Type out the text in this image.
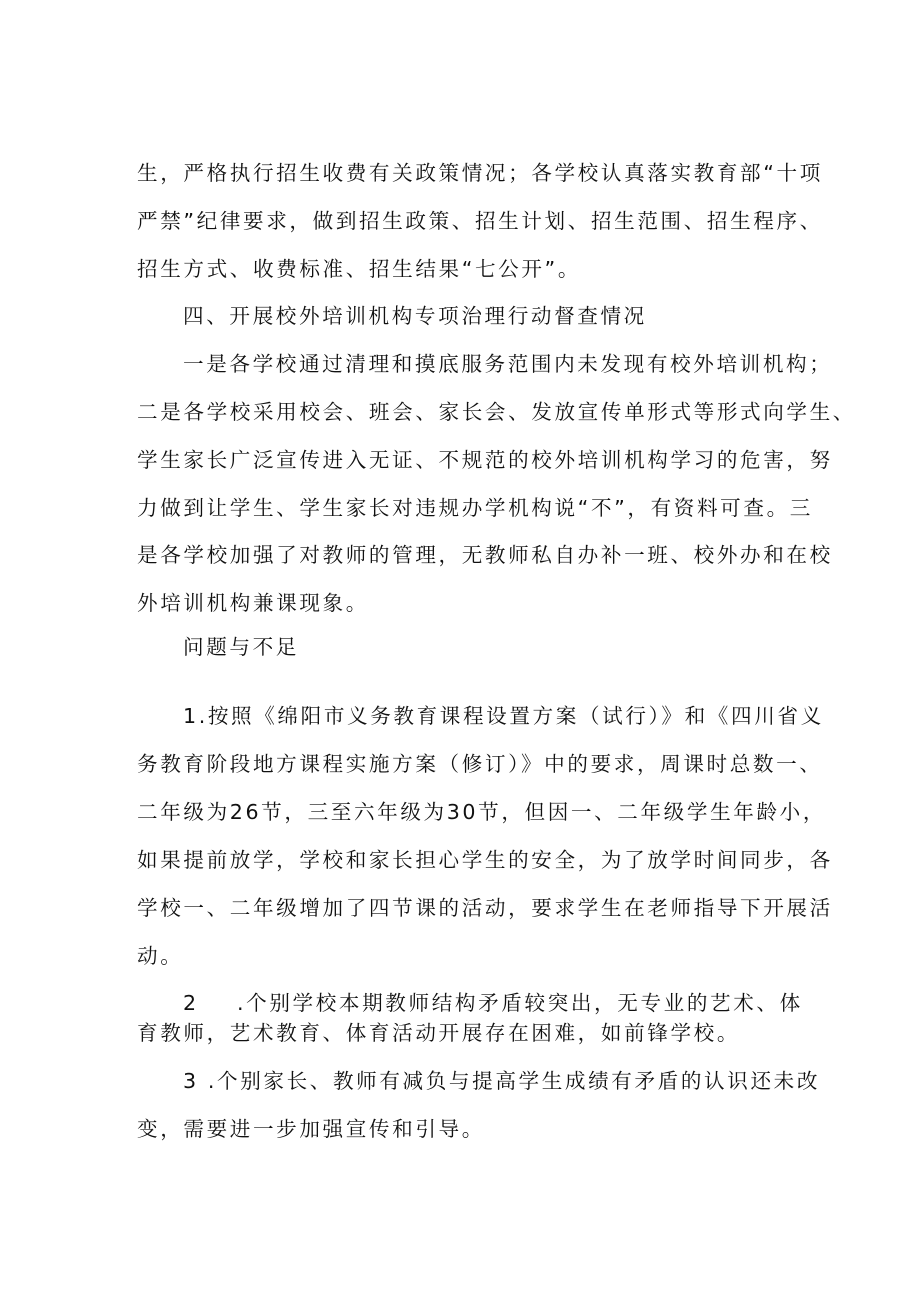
生，严格执行招生收费有关政策情况；各学校认真落实教育部“十项
严禁”纪律要求，做到招生政策、招生计划、招生范围、招生程序、
招生方式、收费标准、招生结果“七公开”。
四、开展校外培训机构专项治理行动督查情况
一是各学校通过清理和摸底服务范围内未发现有校外培训机构；
二是各学校采用校会、班会、家长会、发放宣传单形式等形式向学生、
学生家长广泛宣传进入无证、不规范的校外培训机构学习的危害，努
力做到让学生、学生家长对违规办学机构说“不”，有资料可查。三
是各学校加强了对教师的管理，无教师私自办补一班、校外办和在校
外培训机构兼课现象。
问题与不足
1.按照《绵阳市义务教育课程设置方案（试行）》和《四川省义
务教育阶段地方课程实施方案（修订）》中的要求，周课时总数一、
二年级为26节，三至六年级为30节，但因一、二年级学生年龄小，
如果提前放学，学校和家长担心学生的安全，为了放学时间同步，各
学校一、二年级增加了四节课的活动，要求学生在老师指导下开展活
动。
2 .个别学校本期教师结构矛盾较突出，无专业的艺术、体
育教师，艺术教育、体育活动开展存在困难，如前锋学校。
3 .个别家长、教师有减负与提高学生成绩有矛盾的认识还未改
变，需要进一步加强宣传和引导。
